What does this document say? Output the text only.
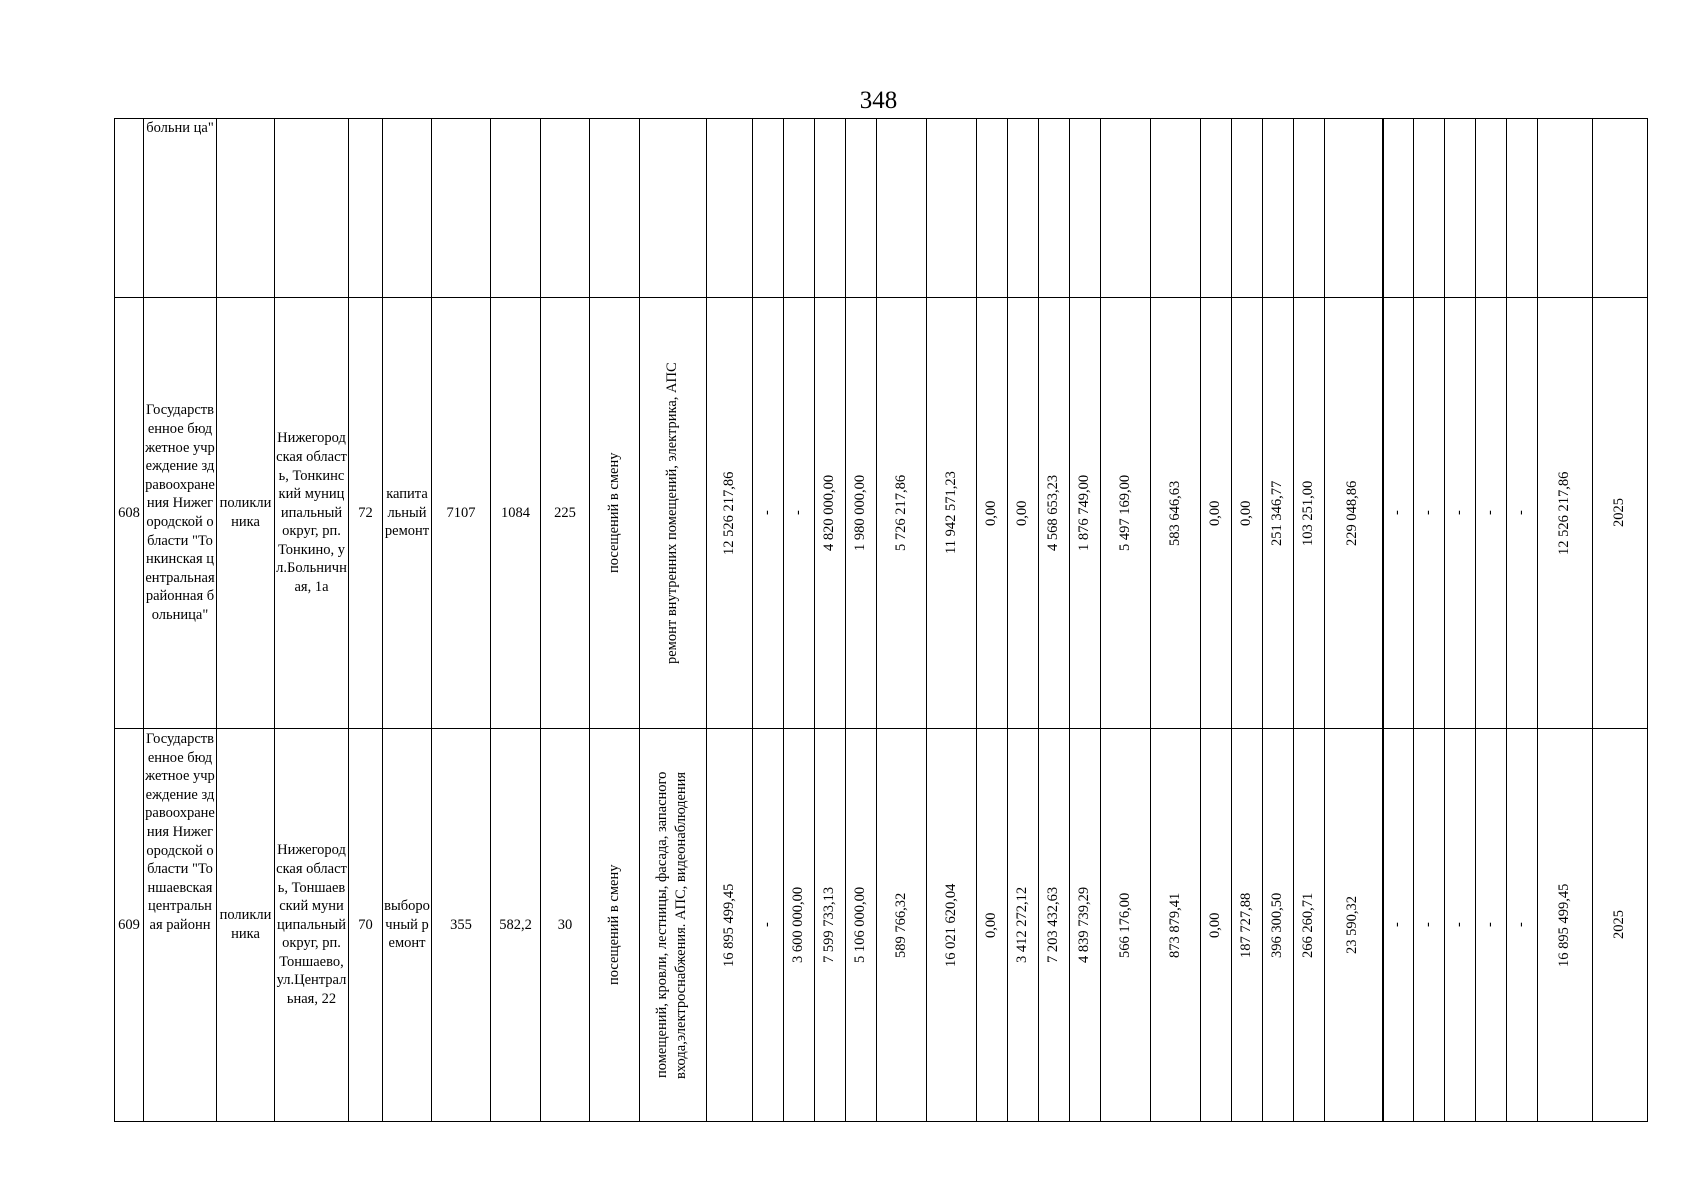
348

	больни ца"																																		

608	Государственное бюджетное учреждение здравоохранения Нижегородской области "Тонкинская центральная районная больница"	поликлиника	Нижегородская область, Тонкинский муниципальный округ, рп. Тонкино, ул.Больничная, 1а	72	капитальный ремонт	7107	1084	225	посещений в смену	ремонт внутренних помещений, электрика, АПС	12 526 217,86	-	-	4 820 000,00	1 980 000,00	5 726 217,86	11 942 571,23	0,00	0,00	4 568 653,23	1 876 749,00	5 497 169,00	583 646,63	0,00	0,00	251 346,77	103 251,00	229 048,86	-	-	-	-	-	12 526 217,86	2025

609	Государственное бюджетное учреждение здравоохранения Нижегородской области "Тоншаевская центральная районн	поликлиника	Нижегородская область, Тоншаевский муниципальный округ, рп. Тоншаево, ул.Центральная, 22	70	выборочный ремонт	355	582,2	30	посещений в смену	помещений, кровли, лестницы, фасада, запасного входа,электроснабжения. АПС, видеонаблюдения	16 895 499,45	-	3 600 000,00	7 599 733,13	5 106 000,00	589 766,32	16 021 620,04	0,00	3 412 272,12	7 203 432,63	4 839 739,29	566 176,00	873 879,41	0,00	187 727,88	396 300,50	266 260,71	23 590,32	-	-	-	-	-	16 895 499,45	2025
